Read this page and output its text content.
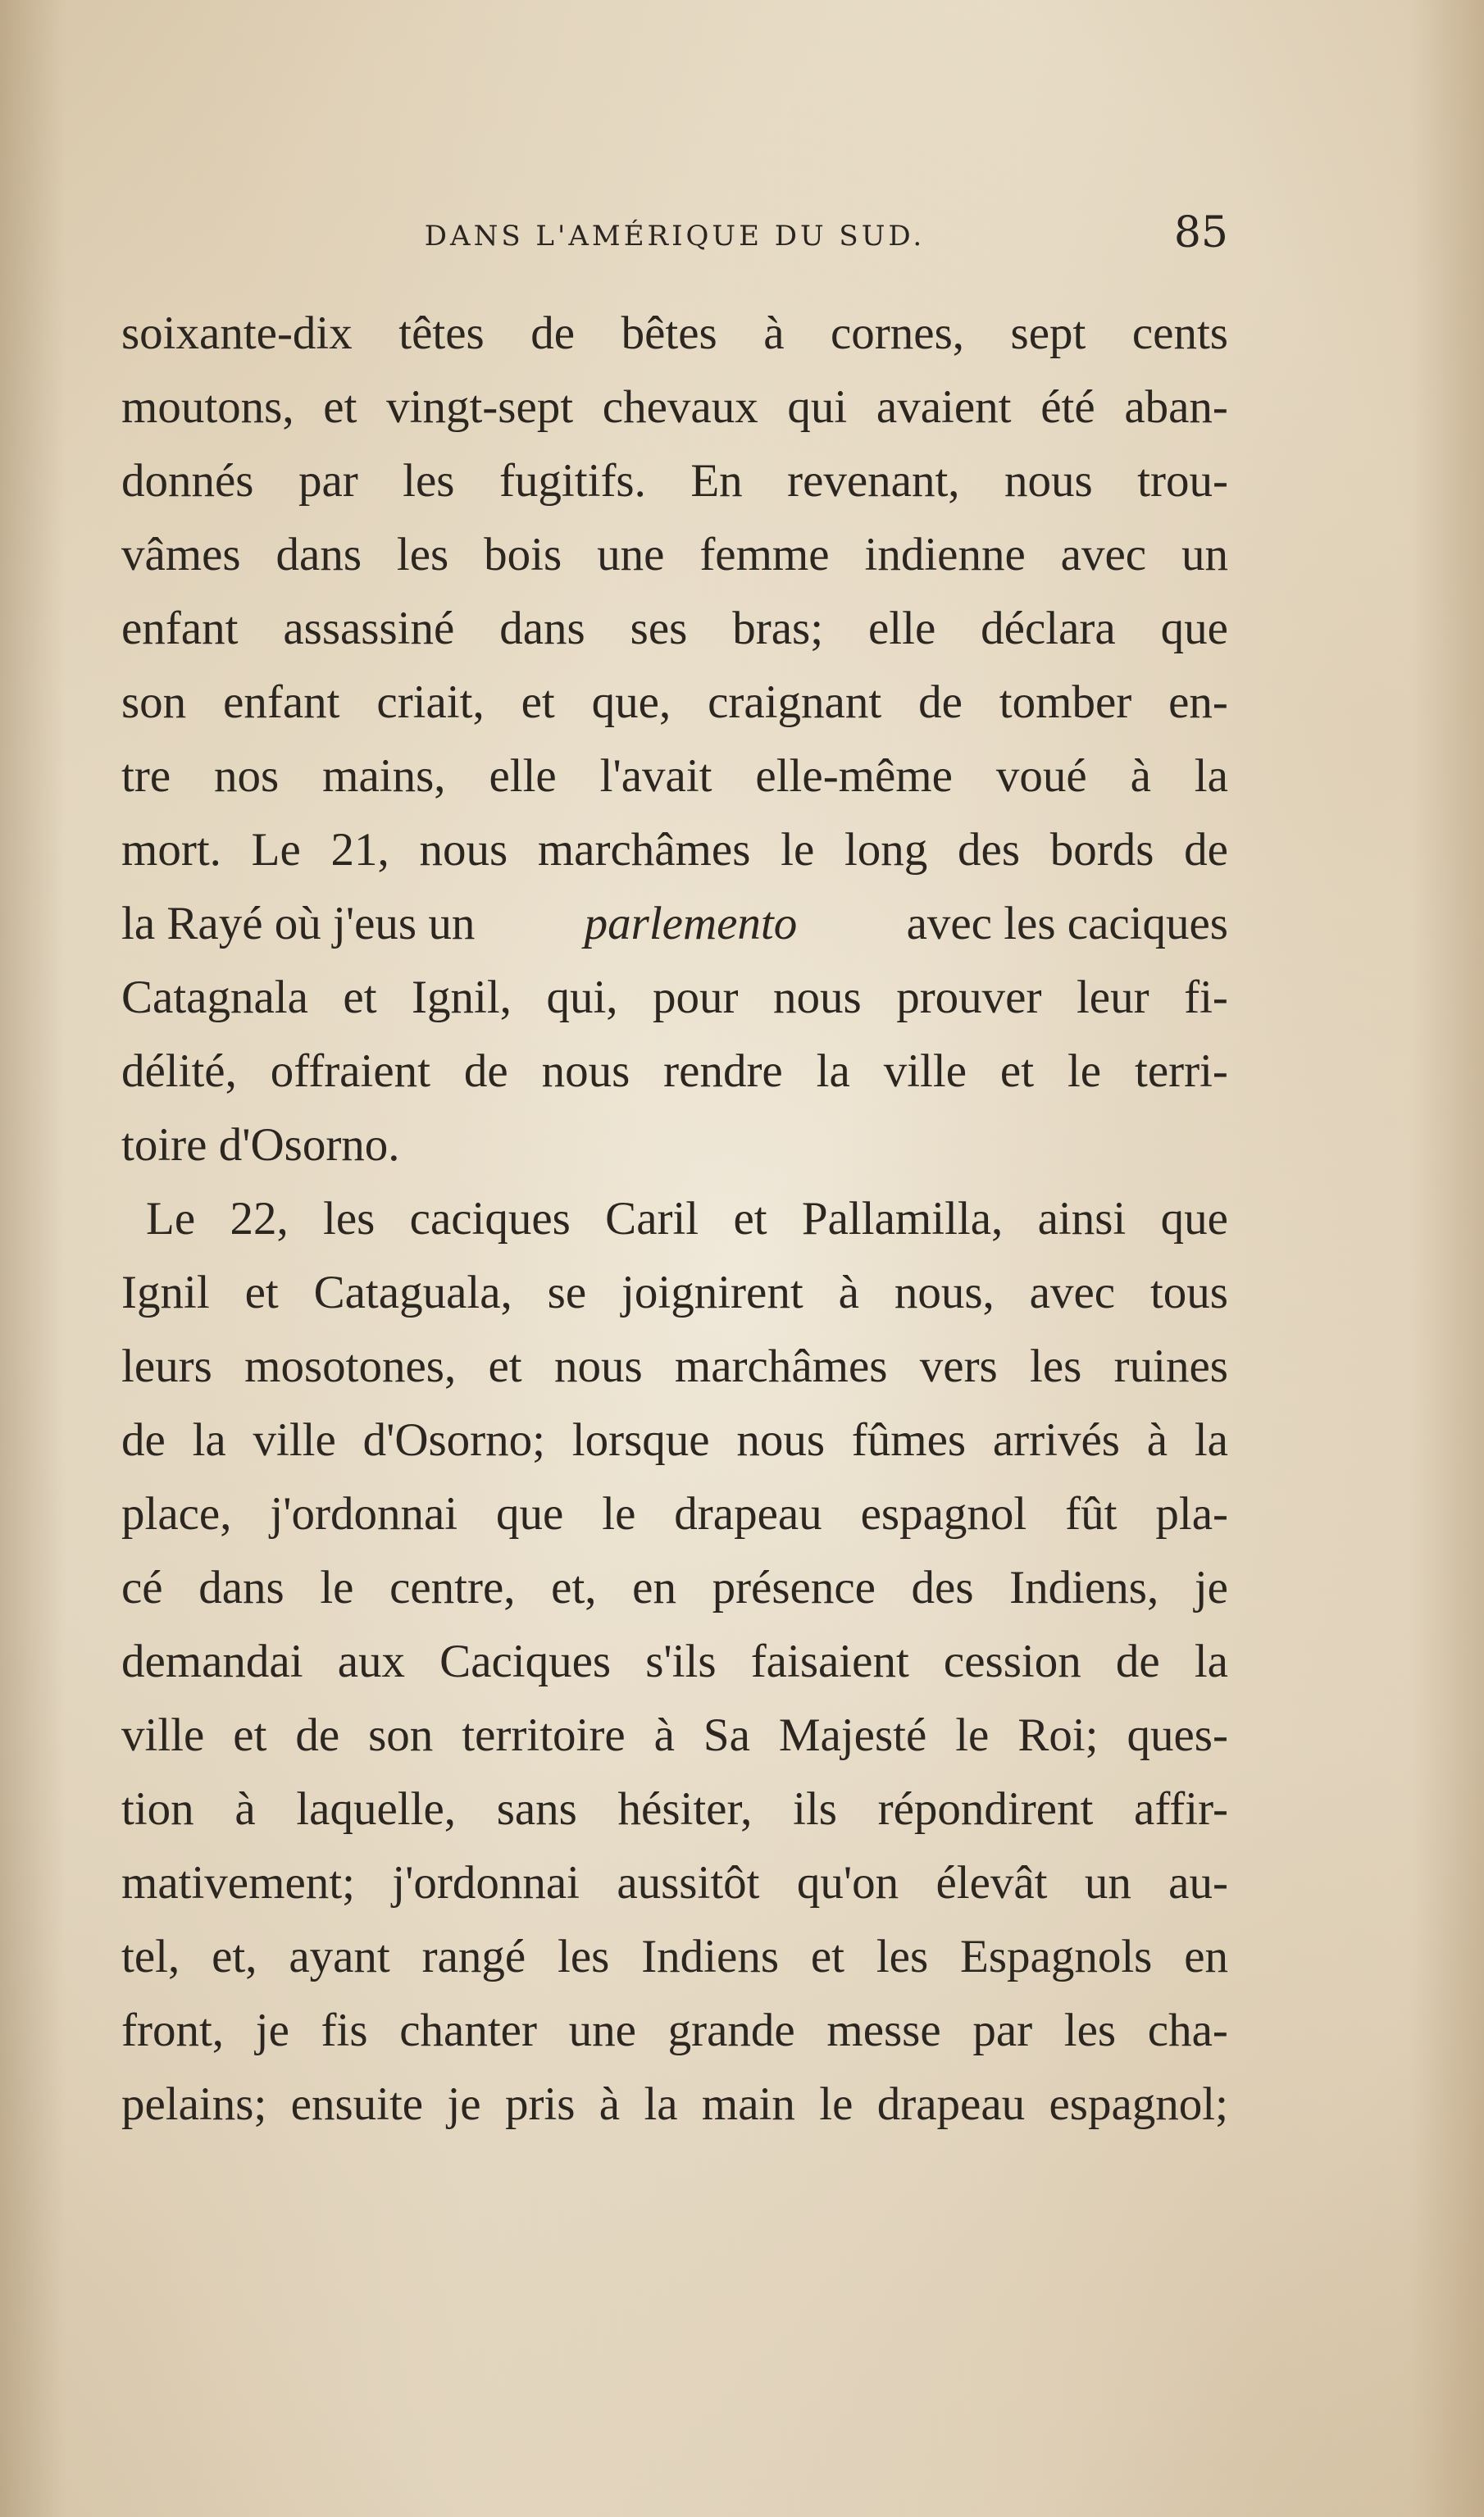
DANS L'AMÉRIQUE DU SUD.	85
soixante-dix têtes de bêtes à cornes, sept cents
moutons, et vingt-sept chevaux qui avaient été aban-
donnés par les fugitifs. En revenant, nous trou-
vâmes dans les bois une femme indienne avec un
enfant assassiné dans ses bras; elle déclara que
son enfant criait, et que, craignant de tomber en-
tre nos mains, elle l'avait elle-même voué à la
mort. Le 21, nous marchâmes le long des bords de
la Rayé où j'eus un parlemento avec les caciques
Catagnala et Ignil, qui, pour nous prouver leur fi-
délité, offraient de nous rendre la ville et le terri-
toire d'Osorno.
Le 22, les caciques Caril et Pallamilla, ainsi que
Ignil et Cataguala, se joignirent à nous, avec tous
leurs mosotones, et nous marchâmes vers les ruines
de la ville d'Osorno; lorsque nous fûmes arrivés à la
place, j'ordonnai que le drapeau espagnol fût pla-
cé dans le centre, et, en présence des Indiens, je
demandai aux Caciques s'ils faisaient cession de la
ville et de son territoire à Sa Majesté le Roi; ques-
tion à laquelle, sans hésiter, ils répondirent affir-
mativement; j'ordonnai aussitôt qu'on élevât un au-
tel, et, ayant rangé les Indiens et les Espagnols en
front, je fis chanter une grande messe par les cha-
pelains; ensuite je pris à la main le drapeau espagnol;
